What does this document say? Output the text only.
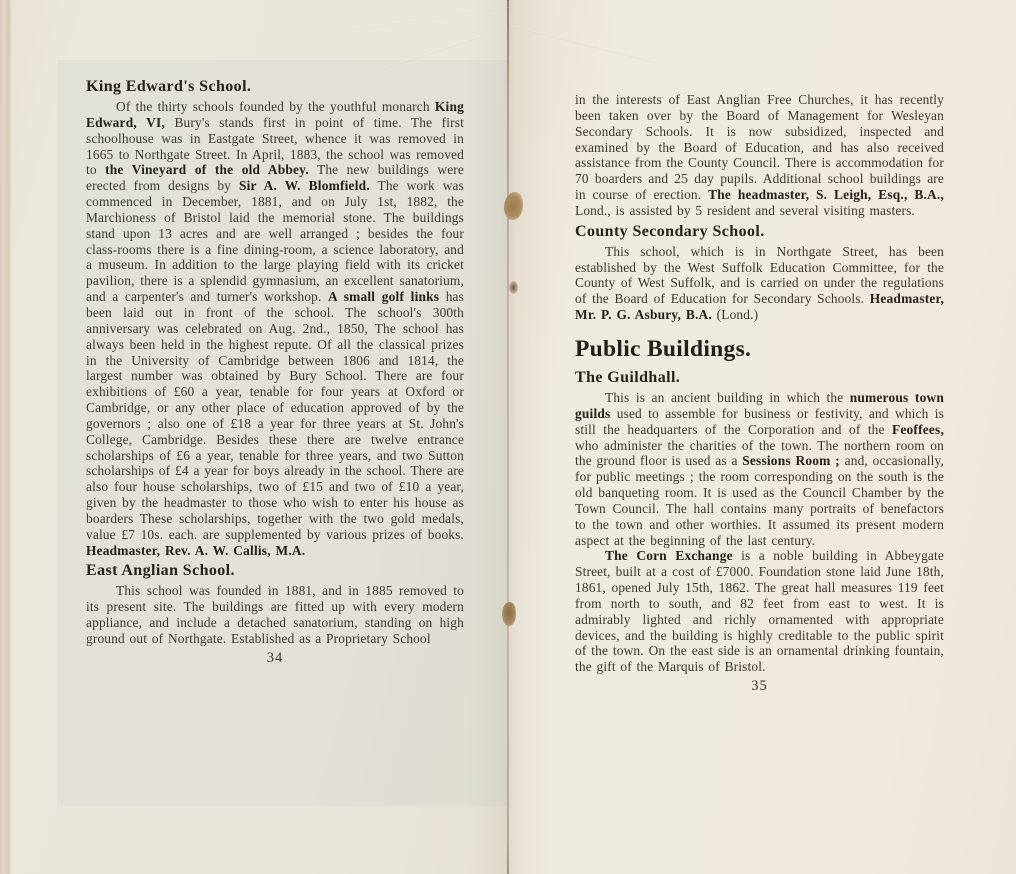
King Edward's School.

Of the thirty schools founded by the youthful monarch King Edward, VI, Bury's stands first in point of time. The first schoolhouse was in Eastgate Street, whence it was removed in 1665 to Northgate Street. In April, 1883, the school was removed to the Vineyard of the old Abbey. The new buildings were erected from designs by Sir A. W. Blomfield. The work was commenced in December, 1881, and on July 1st, 1882, the Marchioness of Bristol laid the memorial stone. The buildings stand upon 13 acres and are well arranged ; besides the four class-rooms there is a fine dining-room, a science laboratory, and a museum. In addition to the large playing field with its cricket pavilion, there is a splendid gymnasium, an excellent sanatorium, and a carpenter's and turner's workshop. A small golf links has been laid out in front of the school. The school's 300th anniversary was celebrated on Aug. 2nd., 1850, The school has always been held in the highest repute. Of all the classical prizes in the University of Cambridge between 1806 and 1814, the largest number was obtained by Bury School. There are four exhibitions of £60 a year, tenable for four years at Oxford or Cambridge, or any other place of education approved of by the governors ; also one of £18 a year for three years at St. John's College, Cambridge. Besides these there are twelve entrance scholarships of £6 a year, tenable for three years, and two Sutton scholarships of £4 a year for boys already in the school. There are also four house scholarships, two of £15 and two of £10 a year, given by the headmaster to those who wish to enter his house as boarders These scholarships, together with the two gold medals, value £7 10s. each. are supplemented by various prizes of books. Headmaster, Rev. A. W. Callis, M.A.

East Anglian School.

This school was founded in 1881, and in 1885 removed to its present site. The buildings are fitted up with every modern appliance, and include a detached sanatorium, standing on high ground out of Northgate. Established as a Proprietary School

34

in the interests of East Anglian Free Churches, it has recently been taken over by the Board of Management for Wesleyan Secondary Schools. It is now subsidized, inspected and examined by the Board of Education, and has also received assistance from the County Council. There is accommodation for 70 boarders and 25 day pupils. Additional school buildings are in course of erection. The headmaster, S. Leigh, Esq., B.A., Lond., is assisted by 5 resident and several visiting masters.

County Secondary School.

This school, which is in Northgate Street, has been established by the West Suffolk Education Committee, for the County of West Suffolk, and is carried on under the regulations of the Board of Education for Secondary Schools. Headmaster, Mr. P. G. Asbury, B.A. (Lond.)

Public Buildings.
The Guildhall.

This is an ancient building in which the numerous town guilds used to assemble for business or festivity, and which is still the headquarters of the Corporation and of the Feoffees, who administer the charities of the town. The northern room on the ground floor is used as a Sessions Room ; and, occasionally, for public meetings ; the room corresponding on the south is the old banqueting room. It is used as the Council Chamber by the Town Council. The hall contains many portraits of benefactors to the town and other worthies. It assumed its present modern aspect at the beginning of the last century.

The Corn Exchange is a noble building in Abbeygate Street, built at a cost of £7000. Foundation stone laid June 18th, 1861, opened July 15th, 1862. The great hall measures 119 feet from north to south, and 82 feet from east to west. It is admirably lighted and richly ornamented with appropriate devices, and the building is highly creditable to the public spirit of the town. On the east side is an ornamental drinking fountain, the gift of the Marquis of Bristol.

35
